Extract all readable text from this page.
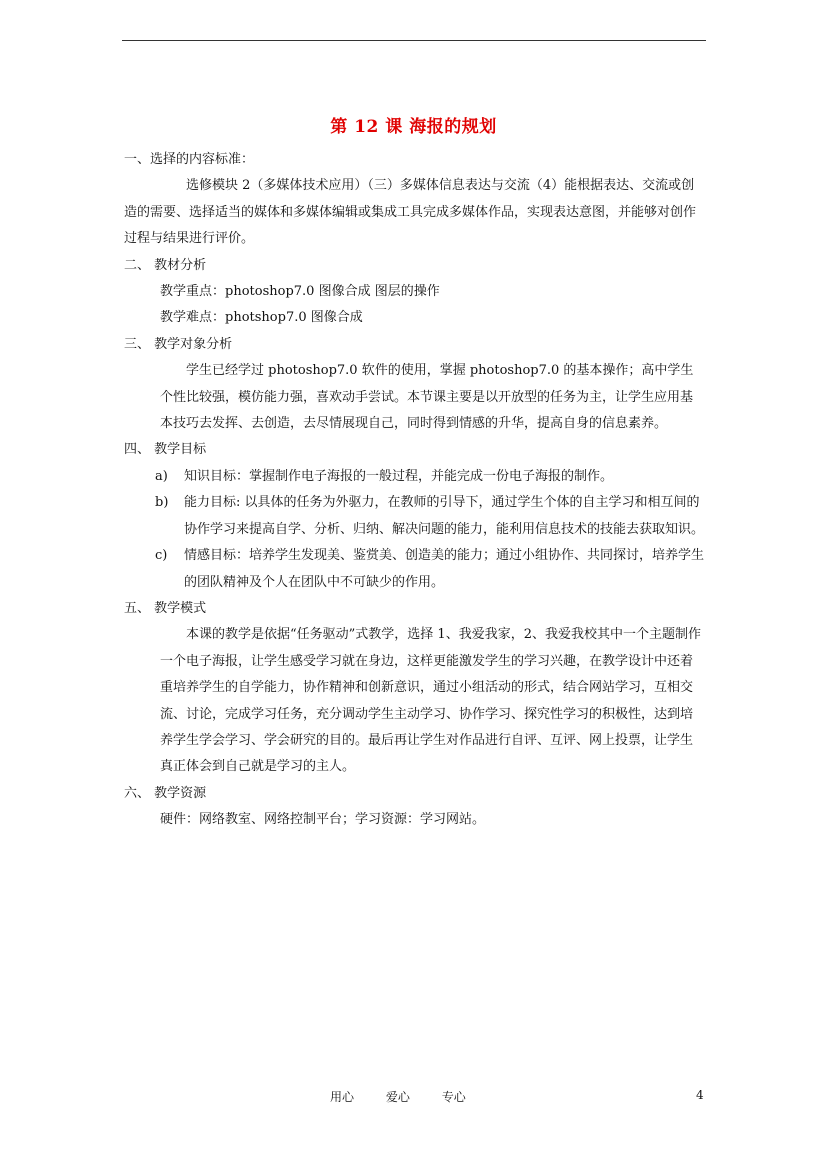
第 12 课 海报的规划

一、选择的内容标准：

选修模块 2（多媒体技术应用）（三）多媒体信息表达与交流（4）能根据表达、交流或创造的需要、选择适当的媒体和多媒体编辑或集成工具完成多媒体作品，实现表达意图，并能够对创作过程与结果进行评价。

二、 教材分析

教学重点：photoshop7.0 图像合成 图层的操作

教学难点：photshop7.0 图像合成

三、 教学对象分析

学生已经学过 photoshop7.0 软件的使用，掌握 photoshop7.0 的基本操作；高中学生个性比较强，模仿能力强，喜欢动手尝试。本节课主要是以开放型的任务为主，让学生应用基本技巧去发挥、去创造，去尽情展现自己，同时得到情感的升华，提高自身的信息素养。

四、 教学目标

a) 知识目标：掌握制作电子海报的一般过程，并能完成一份电子海报的制作。

b) 能力目标: 以具体的任务为外驱力，在教师的引导下，通过学生个体的自主学习和相互间的协作学习来提高自学、分析、归纳、解决问题的能力，能利用信息技术的技能去获取知识。

c) 情感目标：培养学生发现美、鉴赏美、创造美的能力；通过小组协作、共同探讨，培养学生的团队精神及个人在团队中不可缺少的作用。

五、 教学模式

本课的教学是依据“任务驱动”式教学，选择 1、我爱我家，2、我爱我校其中一个主题制作一个电子海报，让学生感受学习就在身边，这样更能激发学生的学习兴趣，在教学设计中还着重培养学生的自学能力，协作精神和创新意识，通过小组活动的形式，结合网站学习，互相交流、讨论，完成学习任务，充分调动学生主动学习、协作学习、探究性学习的积极性，达到培养学生学会学习、学会研究的目的。最后再让学生对作品进行自评、互评、网上投票，让学生真正体会到自己就是学习的主人。

六、 教学资源

硬件：网络教室、网络控制平台；学习资源：学习网站。

用心	爱心	专心	4
